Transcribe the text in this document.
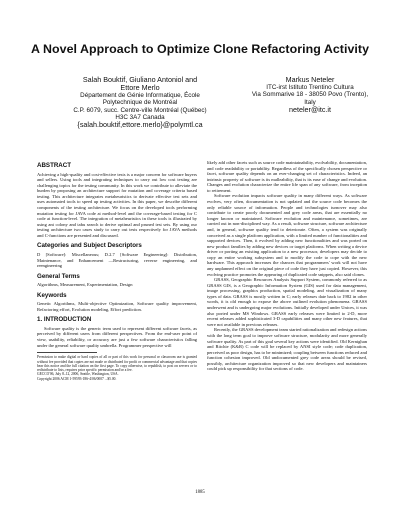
A Novel Approach to Optimize Clone Refactoring Activity
Salah Bouktif, Giuliano Antoniol and
Ettore Merlo
Département de Génie Informatique, École
Polytechnique de Montréal
C.P. 6079, succ. Centre-ville Montréal (Québec)
H3C 3A7 Canada
{salah.bouktif,ettore.merlo}@polymtl.ca
Markus Neteler
ITC-irst Istituto Trentino Cultura
Via Sommarive 18 - 38050 Povo (Trento), Italy
neteler@itc.it
ABSTRACT

Achieving a high-quality and cost-effective tests is a major concern for software buyers and sellers. Using tools and integrating techniques to carry out low cost testing are challenging topics for the testing community. In this work we contribute to alleviate the burden by proposing an architecture support for mutation and coverage criteria based testing. This architecture integrates metaheuristics to derivate effective test sets and uses automated tools to speed up testing activities. In this paper, we describe different components of the testing architecture. We focus on the developed tools performing mutation testing for JAVA code at method-level and the coverage-based testing for C code at function-level. The integration of metaheuristics in these tools is illustrated by using ant colony and tabu search to derive optimal and pruned test sets. By using our testing architecture two cases study to carry out tests respectively for JAVA methods and C-functions are presented and discussed.

Categories and Subject Descriptors

D [Software]: Miscellaneous; D.2.7 [Software Engineering]: Distribution, Maintenance, and Enhancement —Restructuring, reverse engineering, and reengineering

General Terms

Algorithms, Measurement, Experimentation, Design

Keywords

Genetic Algorithms, Multi-objective Optimization, Software quality improvement, Refactoring effort, Evolution modeling, Effort prediction.

1. INTRODUCTION

Software quality is the generic term used to represent different software facets, as perceived by different users from different perspectives. From the end-user point of view, usability, reliability, or accuracy are just a few software characteristics falling under the general software quality umbrella. Programmer perspective will

Permission to make digital or hard copies of all or part of this work for personal or classroom use is granted without fee provided that copies are not made or distributed for profit or commercial advantage and that copies bear this notice and the full citation on the first page. To copy otherwise, to republish, to post on servers or to redistribute to lists, requires prior specific permission and/or a fee.

GECCO'06, July 8–12, 2006, Seattle, Washington, USA.

Copyright 2006 ACM 1-59593-186-4/06/0007 ...$5.00.

likely add other facets such as source code maintainability, evolvability, documentation, and code readability or portability. Regardless of the specifically chosen perspective or facet, software quality depends on an ever-changing set of characteristics. Indeed, an intrinsic property of software is its malleability, that is its ease of change and evolution. Changes and evolution characterize the entire life span of any software, from inception to retirement.

Software evolution impacts software quality in many different ways. As software evolves, very often, documentation is not updated and the source code becomes the only reliable source of information. People and technologies turnover may also contribute to create poorly documented and grey code areas, that are essentially no longer known or maintained. Software evolution and maintenance, sometimes, are carried out in non-disciplined way. As a result, software structure, software architecture and, in general, software quality tend to deteriorate. Often, a system was originally conceived as a single platform application, with a limited number of functionalities and supported devices. Then, it evolved by adding new functionalities and was ported on new product families by adding new devices or target platforms. When writing a device driver or porting an existing application to a new processor, developers may decide to copy an entire working subsystem and to modify the code to cope with the new hardware. This approach increases the chances that programmers' work will not have any unplanned effect on the original piece of code they have just copied. However, this evolving practice promotes the appearing of duplicated code snippets, also said clones.

GRASS, Geographic Resources Analysis Support System, commonly referred to as GRASS GIS, is a Geographic Information System (GIS) used for data management, image processing, graphics production, spatial modeling, and visualization of many types of data. GRASS is mostly written in C; early releases date back to 1982 in other words, it is old enough to expose the above outlined evolution phenomena. GRASS underwent and is undergoing major evolutions. Initially developed under Unices, it was also ported under MS Windows. GRASS early releases were limited to 2-D, more recent releases added sophisticated 3-D capabilities and many other new features, that were not available in previous releases.

Recently, the GRASS development team started rationalization and redesign actions with the long term goal to improve software structure, modularity and more generally software quality. As part of this goal several key actions were identified. Old Kernighan and Ritchie (K&R) C code will be replaced by ANSI style code; code duplication, perceived as poor design, has to be minimized; coupling between functions reduced and function cohesion improved. Old undocumented grey code areas should be revised, possibly, architecture organization improved so that new developers and maintainers could pick up responsibility for that sections of code.

1885
